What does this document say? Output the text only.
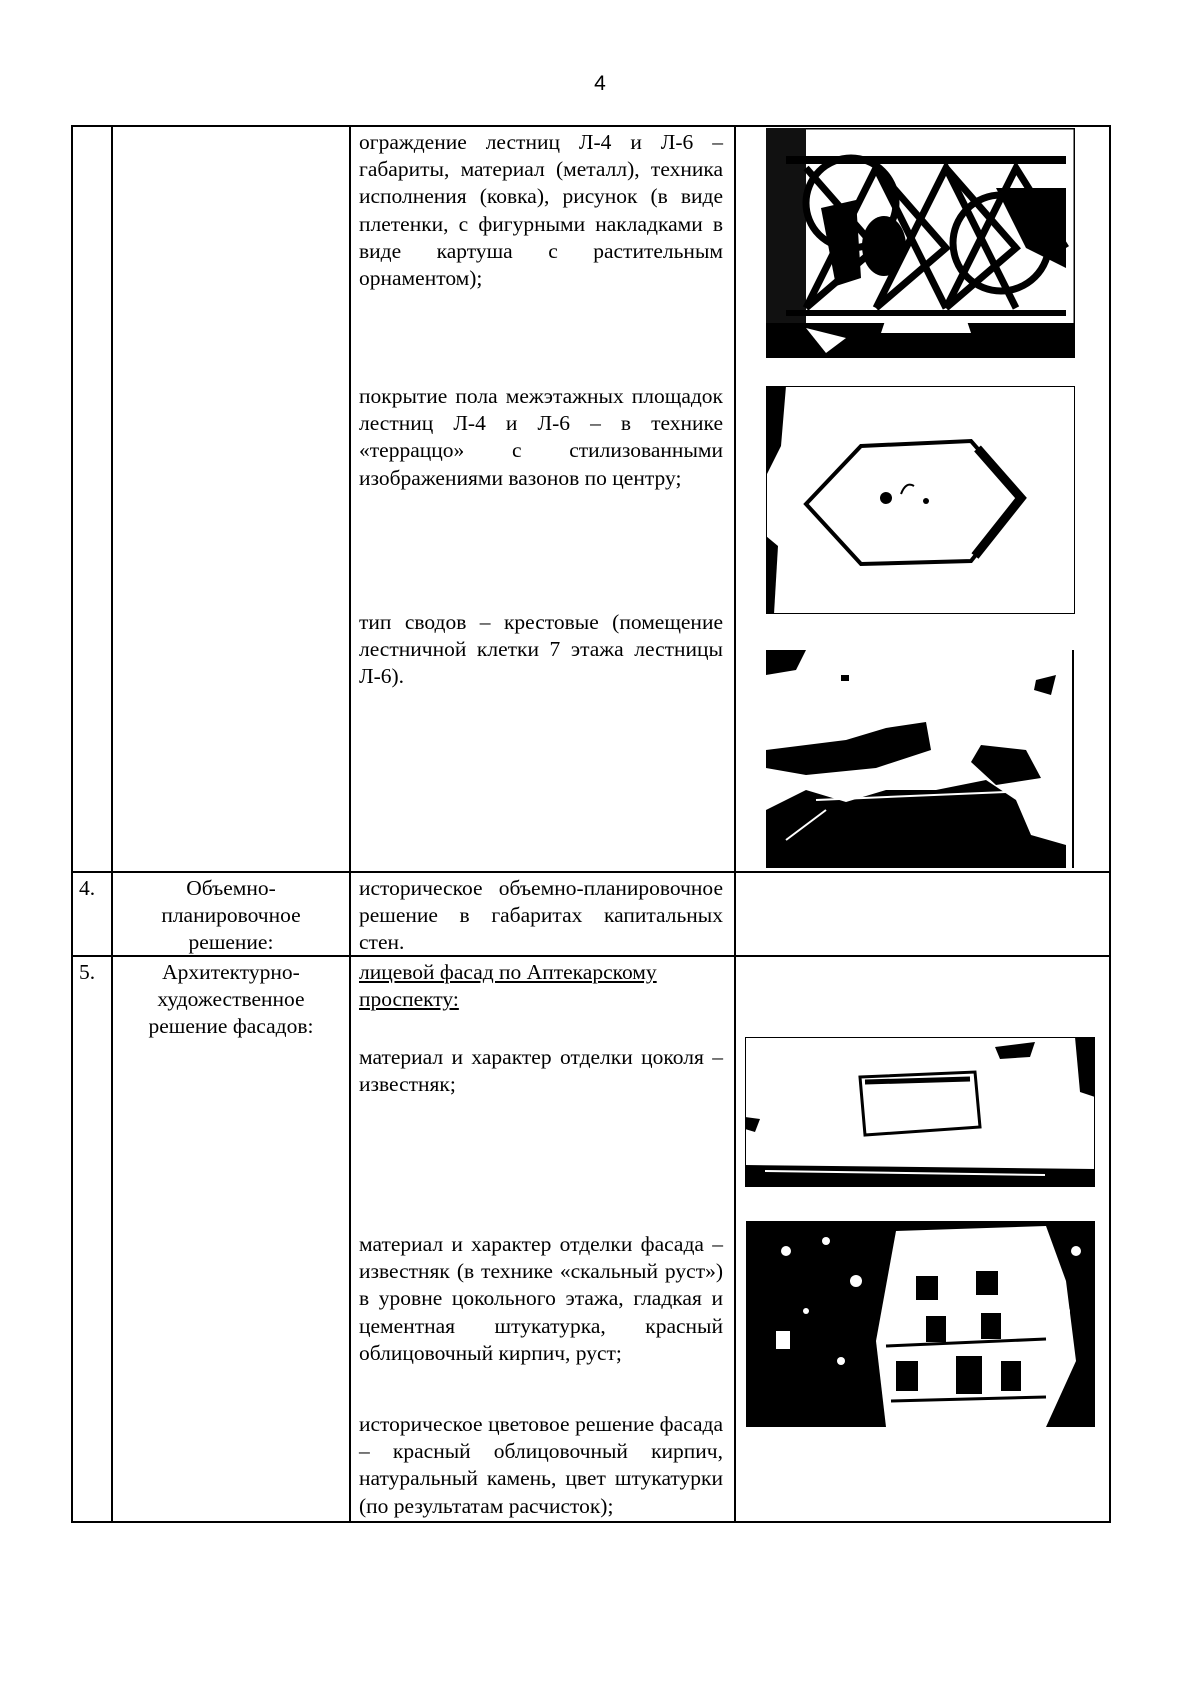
4

ограждение лестниц Л-4 и Л-6 – габариты, материал (металл), техника исполнения (ковка), рисунок (в виде плетенки, с фигурными накладками в виде картуша с растительным орнаментом);

покрытие пола межэтажных площадок лестниц Л-4 и Л-6 – в технике «терраццо» с стилизованными изображениями вазонов по центру;

тип сводов – крестовые (помещение лестничной клетки 7 этажа лестницы Л-6).

4.	Объемно-
планировочное
решение:

историческое объемно-планировочное решение в габаритах капитальных стен.

5.	Архитектурно-
художественное
решение фасадов:
лицевой фасад по Аптекарскому проспекту:

материал и характер отделки цоколя – известняк;

материал и характер отделки фасада – известняк (в технике «скальный руст») в уровне цокольного этажа, гладкая и цементная штукатурка, красный облицовочный кирпич, руст;

историческое цветовое решение фасада – красный облицовочный кирпич, натуральный камень, цвет штукатурки (по результатам расчисток);
